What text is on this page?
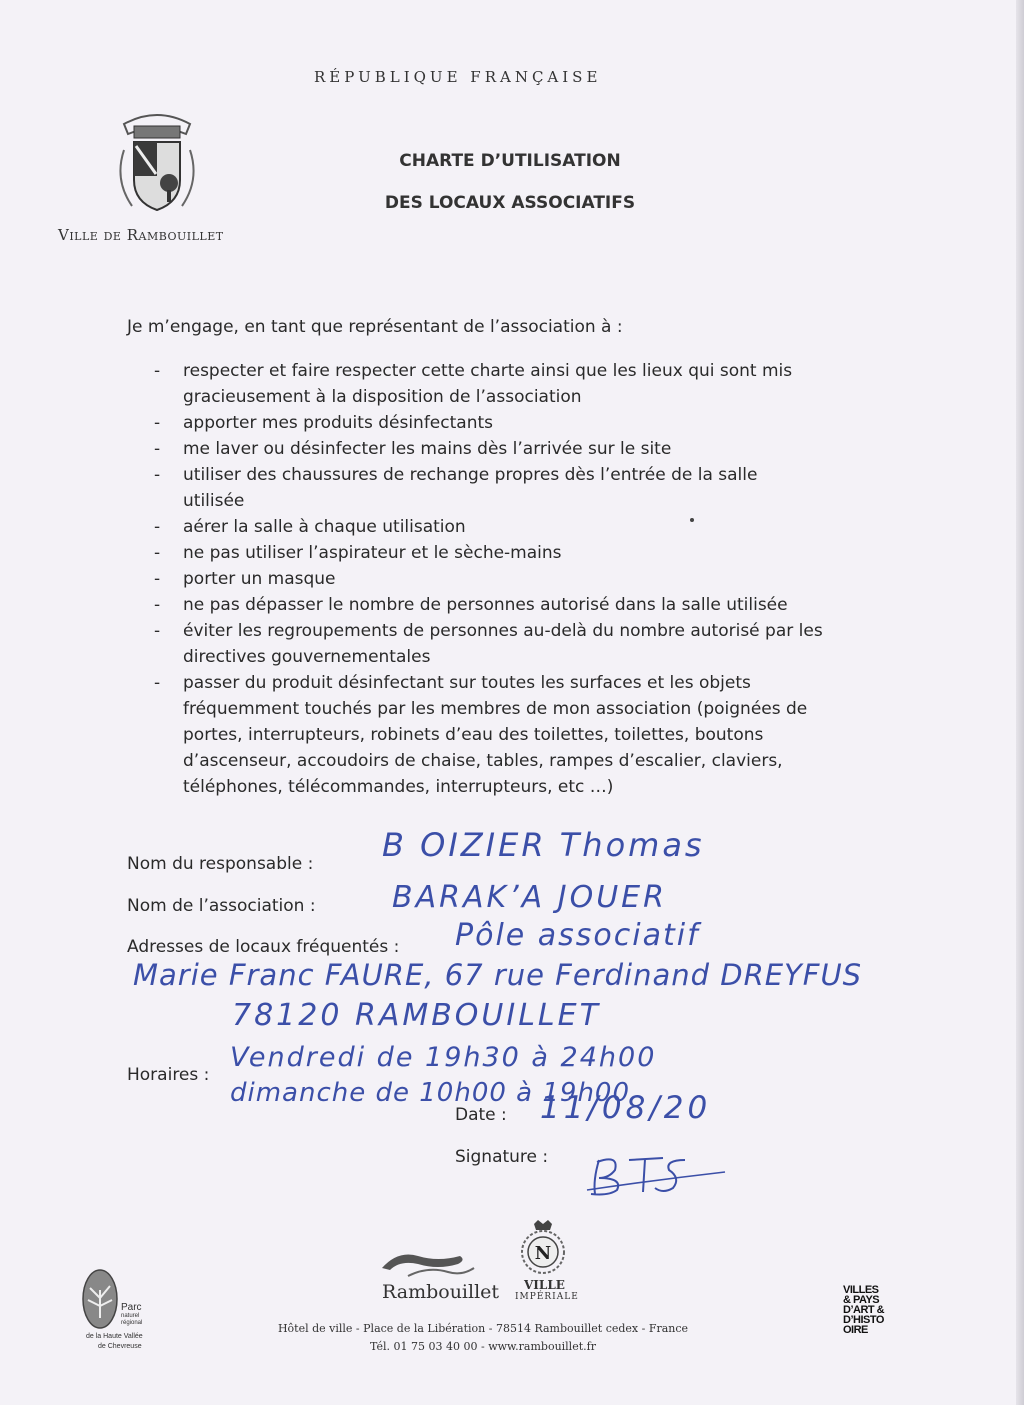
RÉPUBLIQUE FRANÇAISE
Ville de Rambouillet
CHARTE D’UTILISATION
DES LOCAUX ASSOCIATIFS
Je m’engage, en tant que représentant de l’association à :
- respecter et faire respecter cette charte ainsi que les lieux qui sont mis
gracieusement à la disposition de l’association
- apporter mes produits désinfectants
- me laver ou désinfecter les mains dès l’arrivée sur le site
- utiliser des chaussures de rechange propres dès l’entrée de la salle
utilisée
- aérer la salle à chaque utilisation
- ne pas utiliser l’aspirateur et le sèche-mains
- porter un masque
- ne pas dépasser le nombre de personnes autorisé dans la salle utilisée
- éviter les regroupements de personnes au-delà du nombre autorisé par les
directives gouvernementales
- passer du produit désinfectant sur toutes les surfaces et les objets
fréquemment touchés par les membres de mon association (poignées de
portes, interrupteurs, robinets d’eau des toilettes, toilettes, boutons
d’ascenseur, accoudoirs de chaise, tables, rampes d’escalier, claviers,
téléphones, télécommandes, interrupteurs, etc …)
Nom du responsable : B OIZIER Thomas
Nom de l’association :	BARAK’A JOUER
Adresses de locaux fréquentés : Pôle associatif
Marie Franc FAURE, 67 rue Ferdinand DREYFUS
78120 RAMBOUILLET
Horaires :
Vendredi de 19h30 à 24h00
dimanche de 10h00 à 19h00
Date : 11/08/20
Signature :
Parc
naturel
régional
de la Haute Vallée
de Chevreuse
Rambouillet
N
VILLE
IMPÉRIALE
VILLES
& PAYS
D’ART &
D’HISTO
OIRE
Hôtel de ville - Place de la Libération - 78514 Rambouillet cedex - France
Tél. 01 75 03 40 00 - www.rambouillet.fr
